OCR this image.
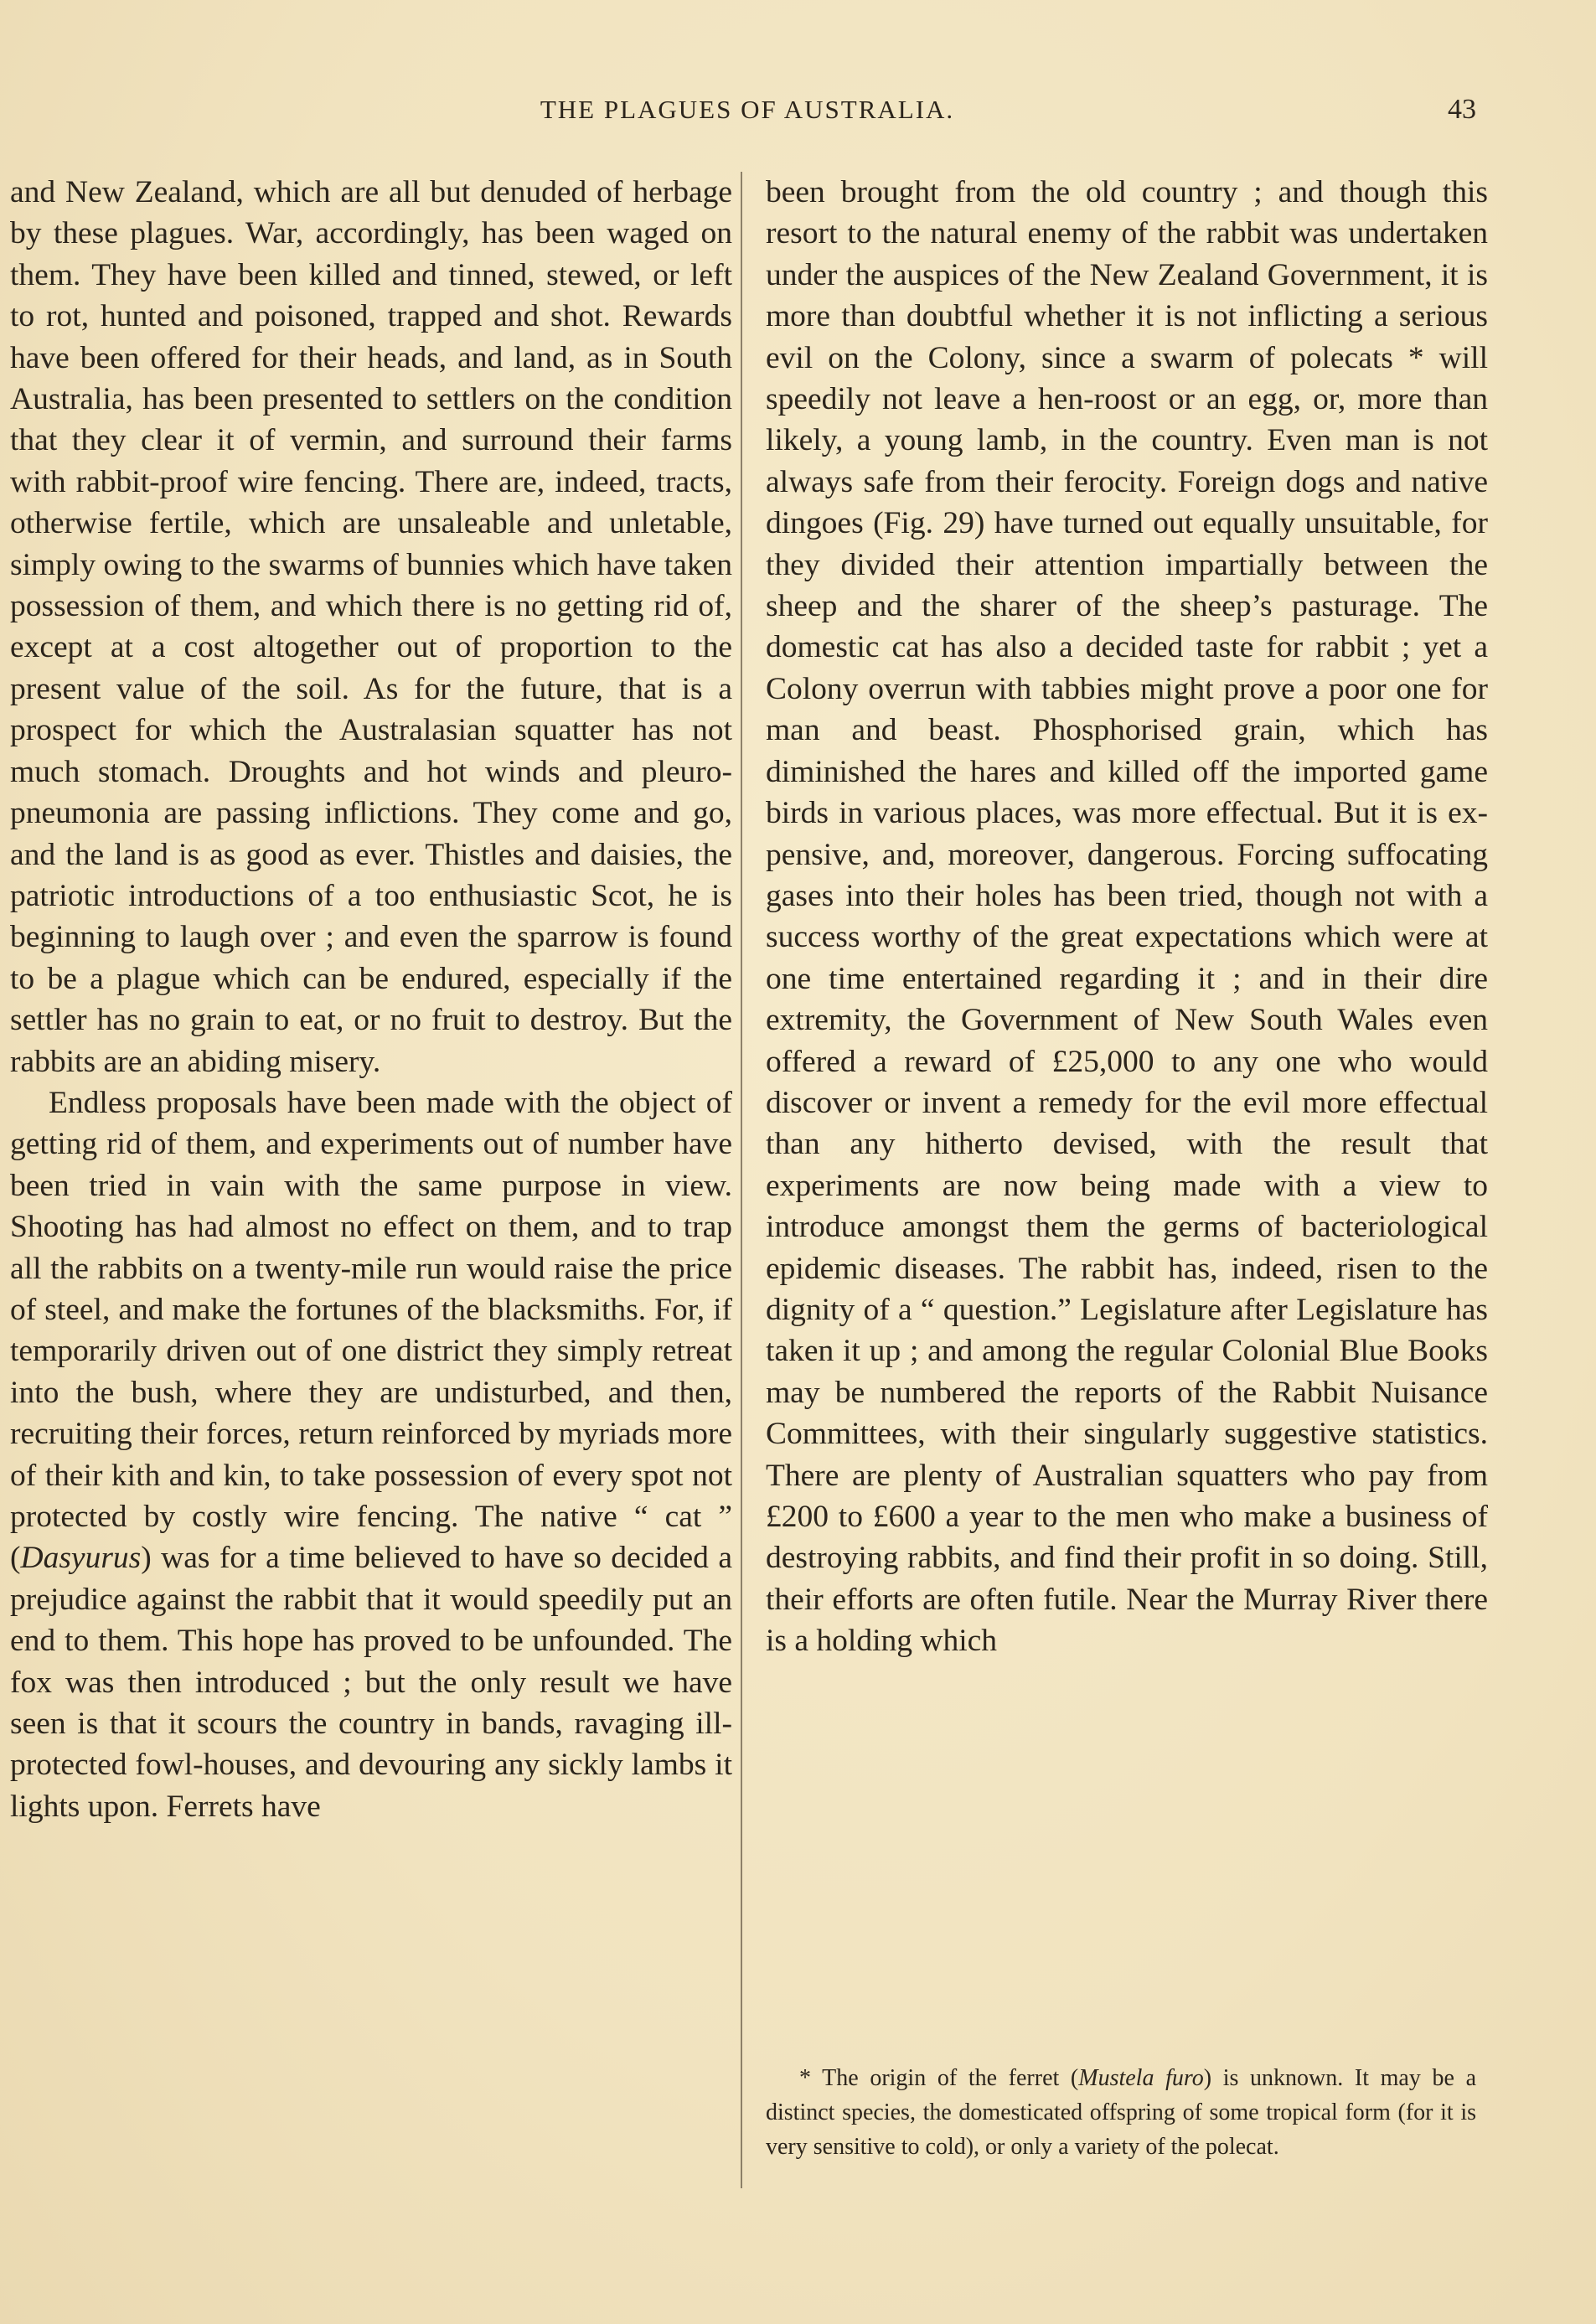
THE PLAGUES OF AUSTRALIA.	43

and New Zealand, which are all but denuded of herbage by these plagues. War, accordingly, has been waged on them. They have been killed and tinned, stewed, or left to rot, hunted and poisoned, trapped and shot. Rewards have been offered for their heads, and land, as in South Australia, has been presented to settlers on the condition that they clear it of vermin, and surround their farms with rabbit-proof wire fencing. There are, indeed, tracts, otherwise fertile, which are unsaleable and unletable, simply owing to the swarms of bunnies which have taken possession of them, and which there is no getting rid of, except at a cost altogether out of proportion to the present value of the soil. As for the future, that is a prospect for which the Australasian squatter has not much stomach. Droughts and hot winds and pleuro-pneumonia are passing inflictions. They come and go, and the land is as good as ever. Thistles and daisies, the patriotic introductions of a too enthusiastic Scot, he is beginning to laugh over ; and even the sparrow is found to be a plague which can be endured, especially if the settler has no grain to eat, or no fruit to destroy. But the rabbits are an abiding misery.

Endless proposals have been made with the object of getting rid of them, and experiments out of number have been tried in vain with the same purpose in view. Shooting has had almost no effect on them, and to trap all the rabbits on a twenty-mile run would raise the price of steel, and make the fortunes of the blacksmiths. For, if temporarily driven out of one district they simply retreat into the bush, where they are undisturbed, and then, recruiting their forces, return reinforced by myriads more of their kith and kin, to take possession of every spot not protected by costly wire fencing. The native “ cat ” (Dasyurus) was for a time believed to have so decided a prejudice against the rabbit that it would speedily put an end to them. This hope has proved to be unfounded. The fox was then introduced ; but the only result we have seen is that it scours the country in bands, ravaging ill-protected fowl-houses, and devouring any sickly lambs it lights upon. Ferrets have

been brought from the old country ; and though this resort to the natural enemy of the rabbit was undertaken under the auspices of the New Zealand Government, it is more than doubtful whether it is not inflicting a serious evil on the Colony, since a swarm of polecats * will speedily not leave a hen-roost or an egg, or, more than likely, a young lamb, in the country. Even man is not always safe from their ferocity. Foreign dogs and native dingoes (Fig. 29) have turned out equally unsuitable, for they divided their attention impartially between the sheep and the sharer of the sheep’s pasturage. The domestic cat has also a decided taste for rabbit ; yet a Colony overrun with tabbies might prove a poor one for man and beast. Phosphorised grain, which has diminished the hares and killed off the imported game birds in various places, was more effectual. But it is expensive, and, moreover, dangerous. Forcing suffocating gases into their holes has been tried, though not with a success worthy of the great expectations which were at one time entertained regarding it ; and in their dire extremity, the Government of New South Wales even offered a reward of £25,000 to any one who would discover or invent a remedy for the evil more effectual than any hitherto devised, with the result that experiments are now being made with a view to introduce amongst them the germs of bacteriological epidemic diseases. The rabbit has, indeed, risen to the dignity of a “ question.” Legislature after Legislature has taken it up ; and among the regular Colonial Blue Books may be numbered the reports of the Rabbit Nuisance Committees, with their singularly suggestive statistics. There are plenty of Australian squatters who pay from £200 to £600 a year to the men who make a business of destroying rabbits, and find their profit in so doing. Still, their efforts are often futile. Near the Murray River there is a holding which

* The origin of the ferret (Mustela furo) is unknown. It may be a distinct species, the domesticated offspring of some tropical form (for it is very sensitive to cold), or only a variety of the polecat.
